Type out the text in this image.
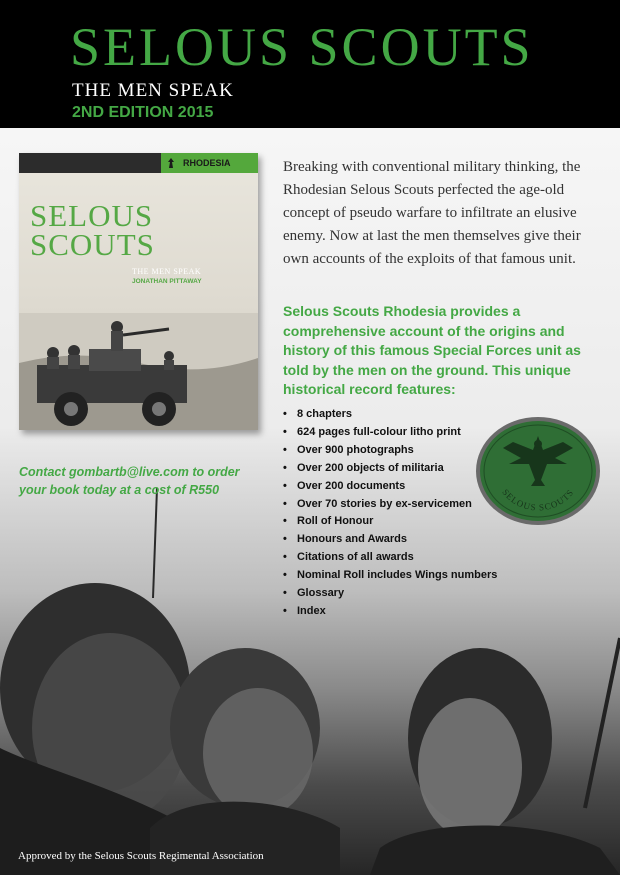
SELOUS SCOUTS
THE MEN SPEAK
2ND EDITION 2015
RHODESIA
SELOUS
SCOUTS
THE MEN SPEAK
JONATHAN PITTAWAY

Breaking with conventional military thinking, the Rhodesian Selous Scouts perfected the age-old concept of pseudo warfare to infiltrate an elusive enemy. Now at last the men themselves give their own accounts of the exploits of that famous unit.

Selous Scouts Rhodesia provides a comprehensive account of the origins and history of this famous Special Forces unit as told by the men on the ground. This unique historical record features:

• 8 chapters
• 624 pages full-colour litho print
• Over 900 photographs
• Over 200 objects of militaria
• Over 200 documents
• Over 70 stories by ex-servicemen
• Roll of Honour
• Honours and Awards
• Citations of all awards
• Nominal Roll includes Wings numbers
• Glossary
• Index
Contact gombartb@live.com to order
your book today at a cost of R550	SELOUS SCOUTS
Approved by the Selous Scouts Regimental Association
